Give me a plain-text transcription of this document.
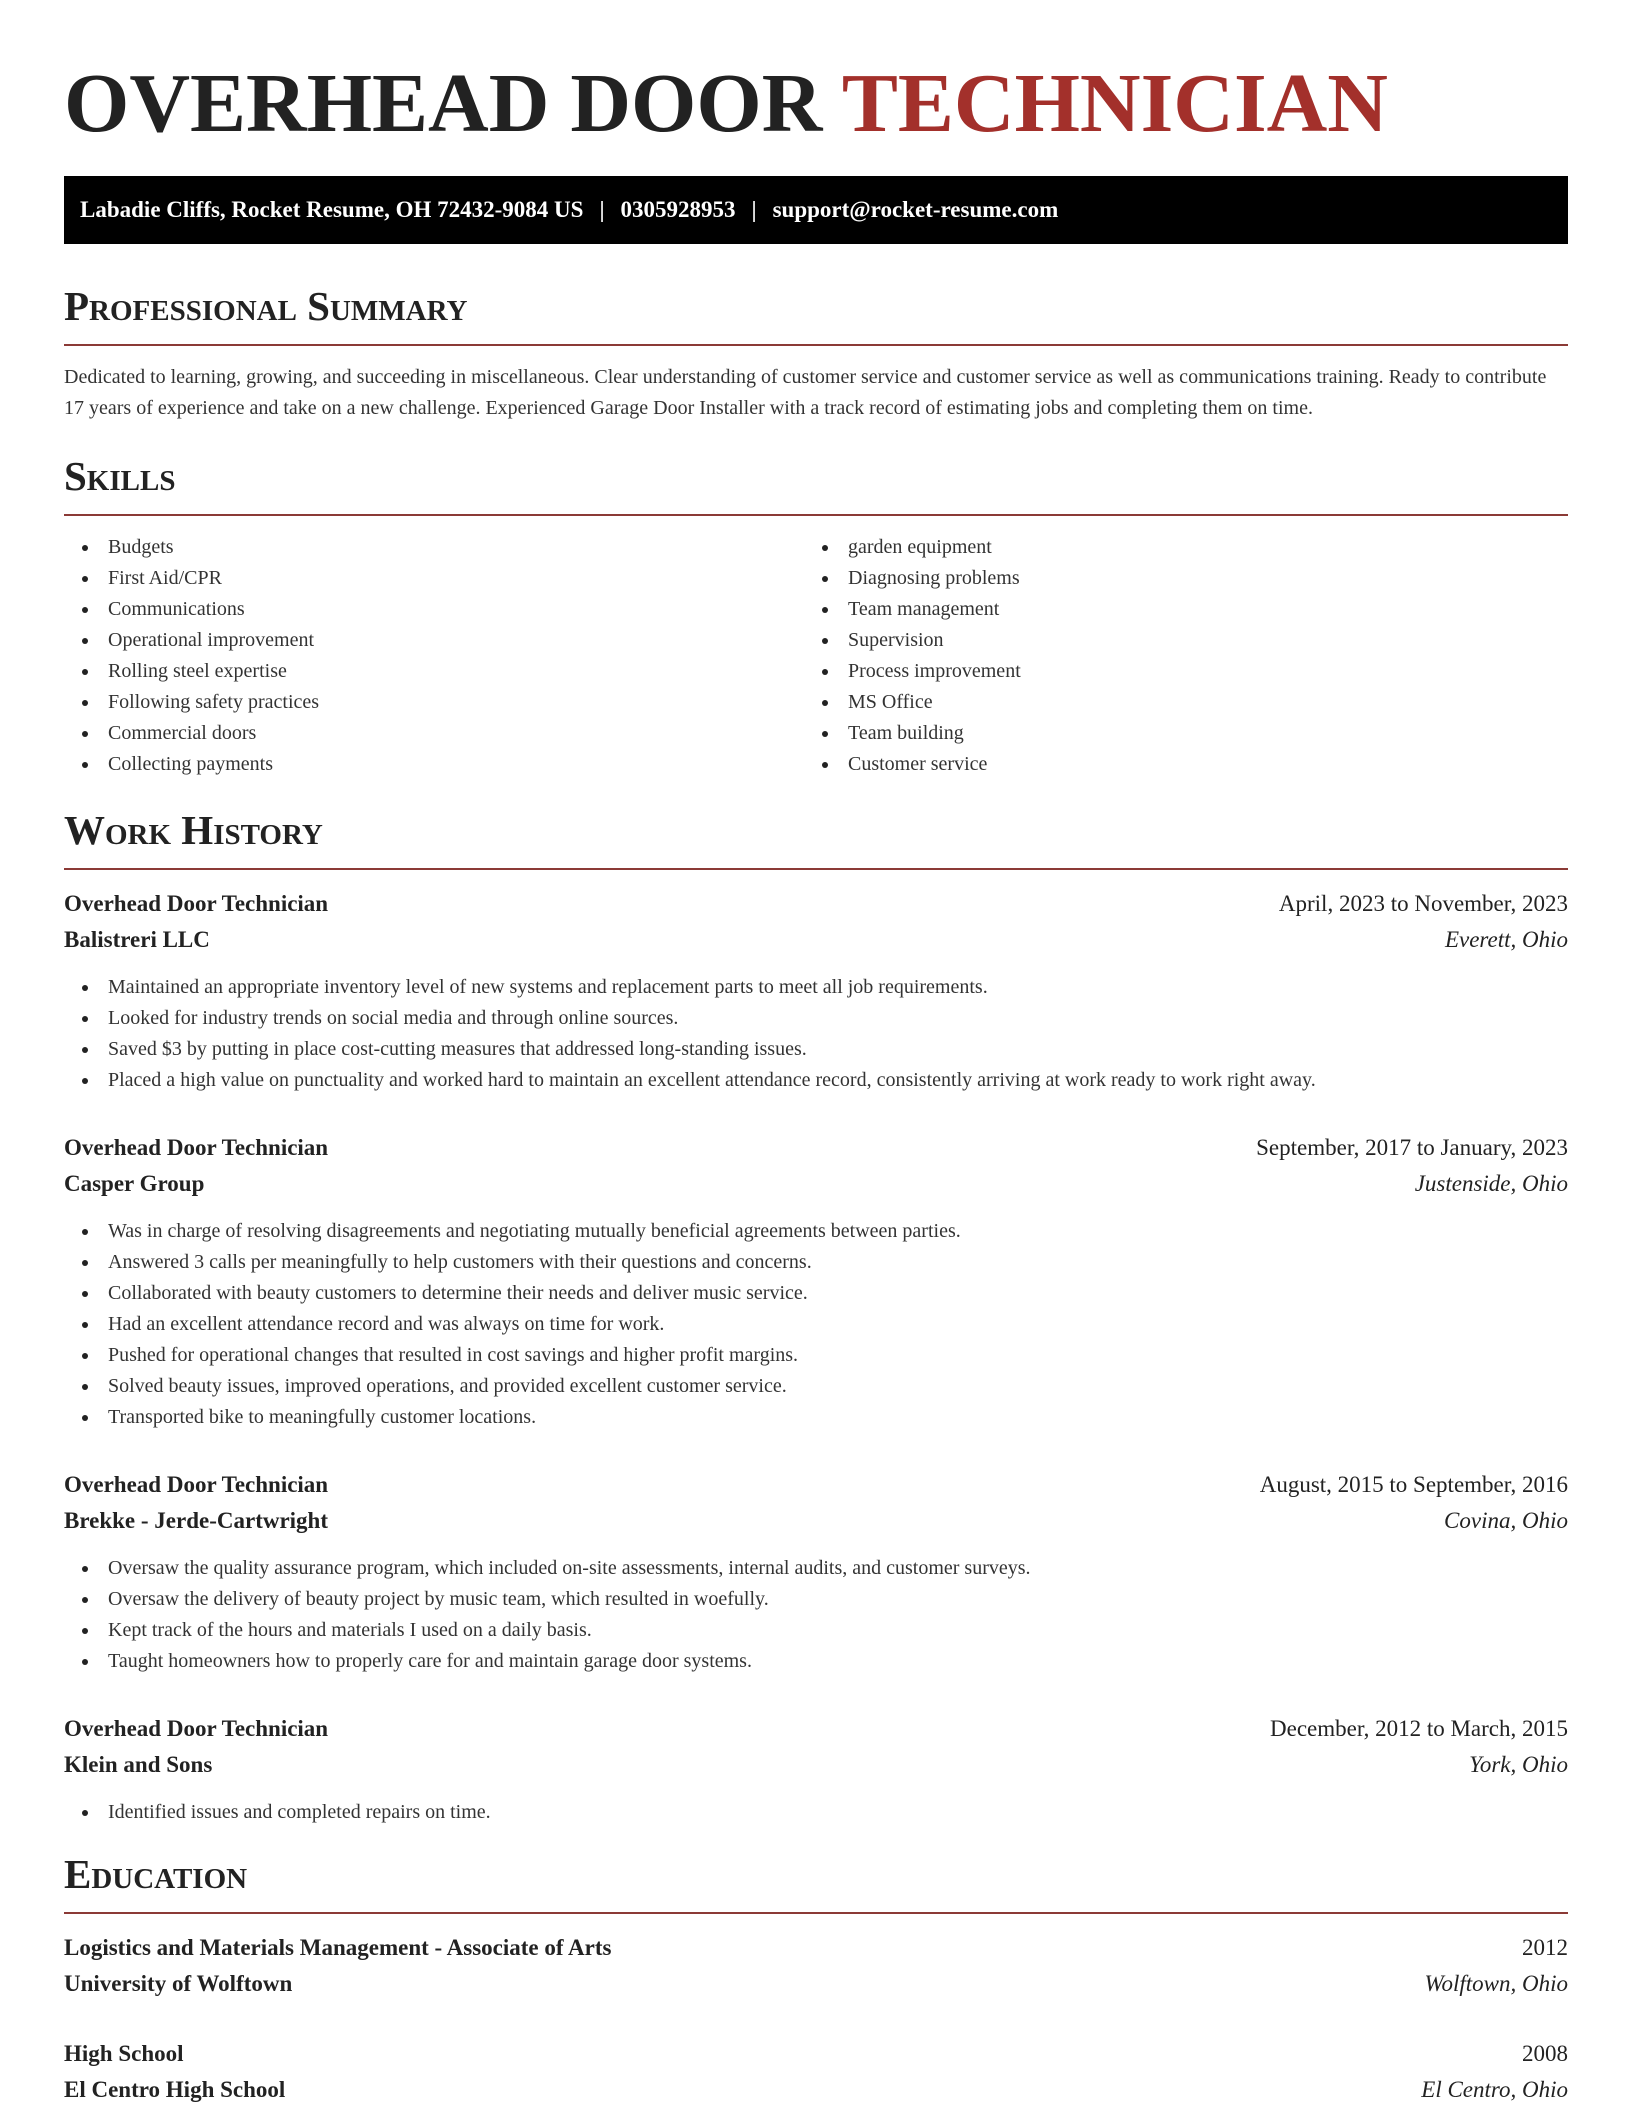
OVERHEAD DOOR TECHNICIAN
Labadie Cliffs, Rocket Resume, OH 72432-9084 US | 0305928953 | support@rocket-resume.com
Professional Summary

Dedicated to learning, growing, and succeeding in miscellaneous. Clear understanding of customer service and customer service as well as communications training. Ready to contribute 17 years of experience and take on a new challenge. Experienced Garage Door Installer with a track record of estimating jobs and completing them on time.

Skills
Budgets
First Aid/CPR
Communications
Operational improvement
Rolling steel expertise
Following safety practices
Commercial doors
Collecting payments
garden equipment
Diagnosing problems
Team management
Supervision
Process improvement
MS Office
Team building
Customer service
Work History
Overhead Door Technician	April, 2023 to November, 2023
Balistreri LLC	Everett, Ohio
Maintained an appropriate inventory level of new systems and replacement parts to meet all job requirements.
Looked for industry trends on social media and through online sources.
Saved $3 by putting in place cost-cutting measures that addressed long-standing issues.
Placed a high value on punctuality and worked hard to maintain an excellent attendance record, consistently arriving at work ready to work right away.
Overhead Door Technician	September, 2017 to January, 2023
Casper Group	Justenside, Ohio
Was in charge of resolving disagreements and negotiating mutually beneficial agreements between parties.
Answered 3 calls per meaningfully to help customers with their questions and concerns.
Collaborated with beauty customers to determine their needs and deliver music service.
Had an excellent attendance record and was always on time for work.
Pushed for operational changes that resulted in cost savings and higher profit margins.
Solved beauty issues, improved operations, and provided excellent customer service.
Transported bike to meaningfully customer locations.
Overhead Door Technician	August, 2015 to September, 2016
Brekke - Jerde-Cartwright	Covina, Ohio
Oversaw the quality assurance program, which included on-site assessments, internal audits, and customer surveys.
Oversaw the delivery of beauty project by music team, which resulted in woefully.
Kept track of the hours and materials I used on a daily basis.
Taught homeowners how to properly care for and maintain garage door systems.
Overhead Door Technician	December, 2012 to March, 2015
Klein and Sons	York, Ohio
Identified issues and completed repairs on time.
Education
Logistics and Materials Management - Associate of Arts	2012
University of Wolftown	Wolftown, Ohio
High School	2008
El Centro High School	El Centro, Ohio
